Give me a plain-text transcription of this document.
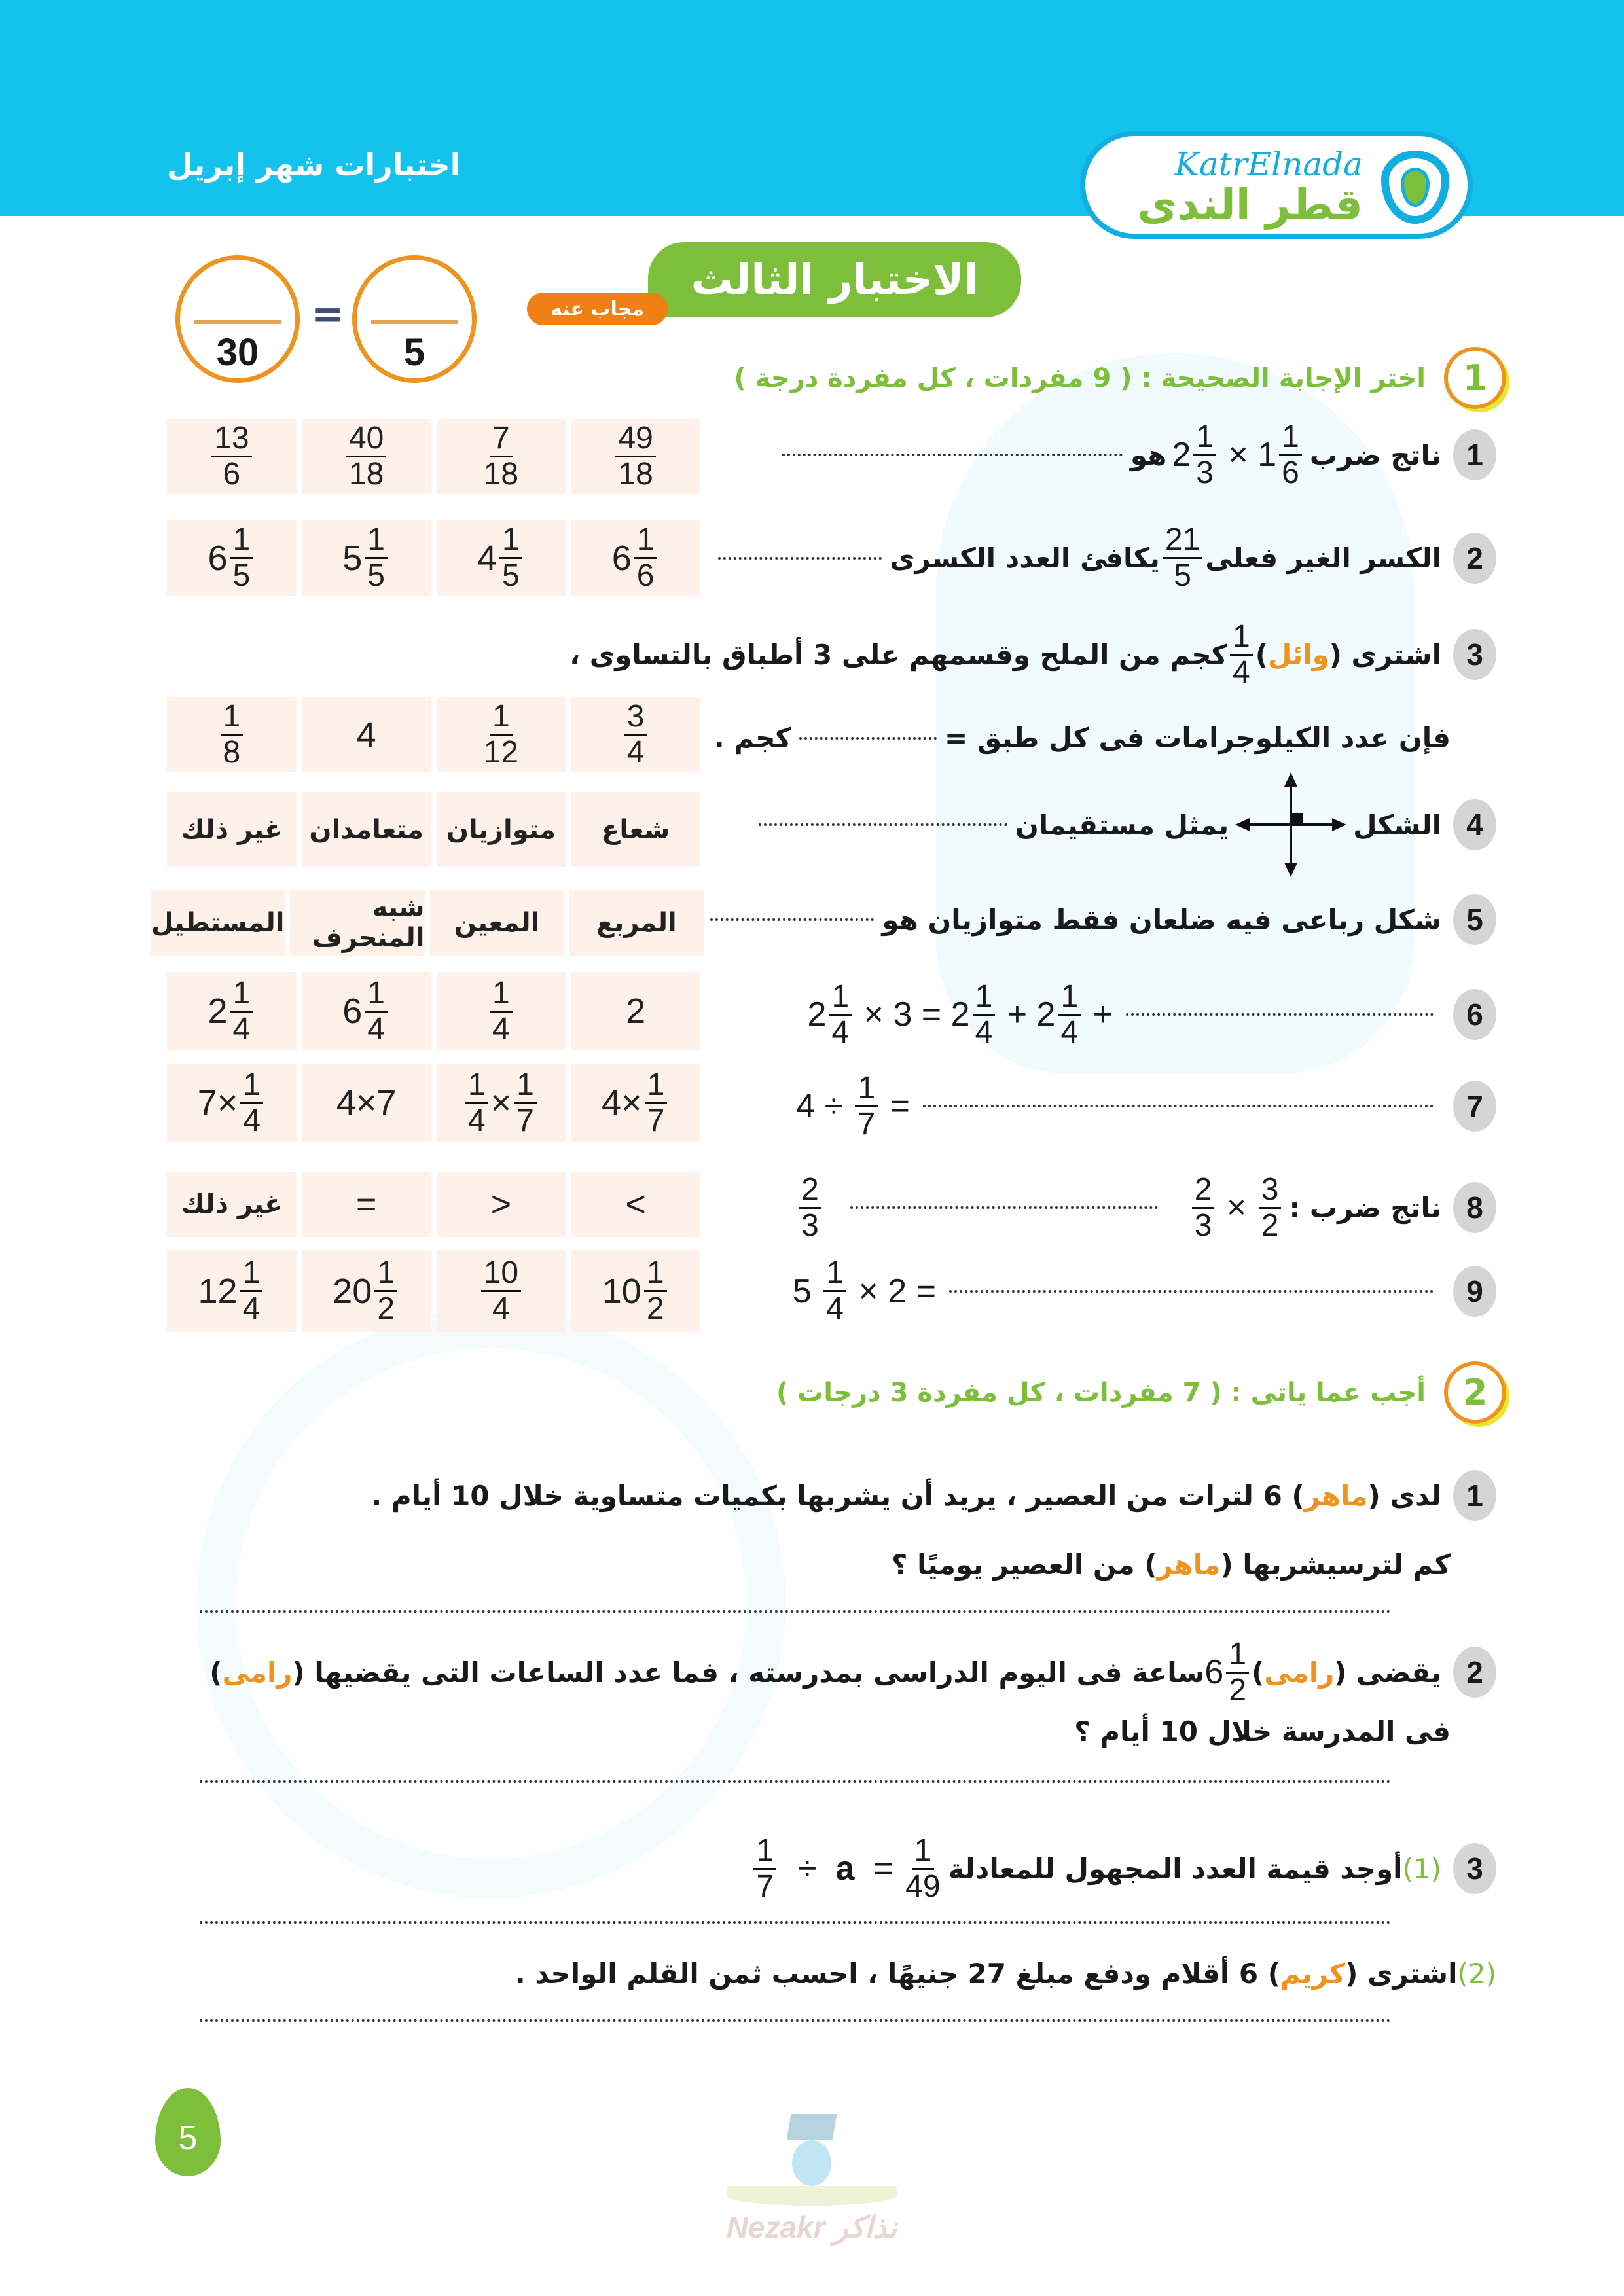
اختبارات شهر إبريل	KatrElnada
قطر الندى
الاختبار الثالث
مجاب عنه
30
=
5
1
اختر الإجابة الصحيحة : ( 9 مفردات ، كل مفردة درجة )
1
ناتج ضرب
$2 \frac{1}{3}$
×
$1 \frac{1}{6}$
هو
$\frac{49}{18}$
$\frac{7}{18}$
$\frac{40}{18}$
$\frac{13}{6}$
2
الكسر الغير فعلى
$\frac{21}{5}$
يكافئ العدد الكسرى
$6 \frac{1}{6}$
$4 \frac{1}{5}$
$5 \frac{1}{5}$
$6 \frac{1}{5}$
3
اشترى (
وائل
)
$\frac{1}{4}$
كجم من الملح وقسمهم على 3 أطباق بالتساوى ،
فإن عدد الكيلوجرامات فى كل طبق =
كجم .
$\frac{3}{4}$
$\frac{1}{12}$
4
$\frac{1}{8}$
4
الشكل
يمثل مستقيمان
شعاع
متوازيان
متعامدان
غير ذلك
5
شكل رباعى فيه ضلعان فقط متوازيان هو
المربع
المعين
شبه المنحرف
المستطيل
6
$2 \frac{1}{4}$
× 3 =
$2 \frac{1}{4}$
+
$2 \frac{1}{4}$
+
2
$\frac{1}{4}$
$6 \frac{1}{4}$
$2 \frac{1}{4}$
7
4
÷
$\frac{1}{7}$
=
$4\times \frac{1}{7}$
$\frac{1}{4} \times \frac{1}{7}$
4×7
$7\times \frac{1}{4}$
8
ناتج ضرب :
$\frac{2}{3}$
×
$\frac{3}{2}$
$\frac{2}{3}$
<
>
=
غير ذلك
9
5
$\frac{1}{4}$
× 2 =
$10 \frac{1}{2}$
$\frac{10}{4}$
$20 \frac{1}{2}$
$12 \frac{1}{4}$
2
أجب عما ياتى : ( 7 مفردات ، كل مفردة 3 درجات )
1
لدى (
ماهر
) 6 لترات من العصير ، يريد أن يشربها بكميات متساوية خلال 10 أيام .
كم لترسيشربها (
ماهر
) من العصير يوميًا ؟
2
يقضى (
رامى
)
$6 \frac{1}{2}$
ساعة فى اليوم الدراسى بمدرسته ، فما عدد الساعات التى يقضيها (
رامى
)
فى المدرسة خلال 10 أيام ؟
3
(1)
أوجد قيمة العدد المجهول للمعادلة
$\frac{1}{7}$
÷
a
=
$\frac{1}{49}$
(2)
اشترى (
كريم
) 6 أقلام ودفع مبلغ 27 جنيهًا ، احسب ثمن القلم الواحد .
5
Nezakr نذاكر
